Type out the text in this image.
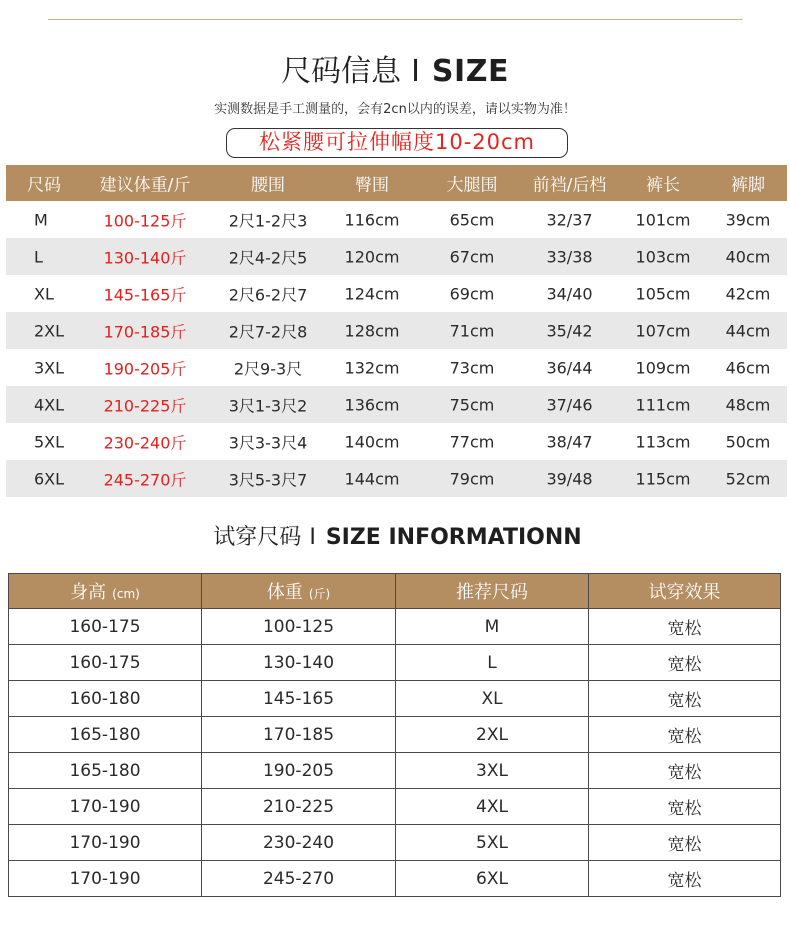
尺码信息 I SIZE
实测数据是手工测量的，会有2cn以内的误差，请以实物为准！
松紧腰可拉伸幅度10-20cm
尺码	建议体重/斤	腰围	臀围	大腿围	前裆/后档	裤长	裤脚
M	100-125斤	2尺1-2尺3	116cm	65cm	32/37	101cm	39cm
L	130-140斤	2尺4-2尺5	120cm	67cm	33/38	103cm	40cm
XL	145-165斤	2尺6-2尺7	124cm	69cm	34/40	105cm	42cm
2XL	170-185斤	2尺7-2尺8	128cm	71cm	35/42	107cm	44cm
3XL	190-205斤	2尺9-3尺	132cm	73cm	36/44	109cm	46cm
4XL	210-225斤	3尺1-3尺2	136cm	75cm	37/46	111cm	48cm
5XL	230-240斤	3尺3-3尺4	140cm	77cm	38/47	113cm	50cm
6XL	245-270斤	3尺5-3尺7	144cm	79cm	39/48	115cm	52cm
试穿尺码 I SIZE INFORMATIONN
身高 (cm)	体重 (斤)	推荐尺码	试穿效果
160-175	100-125	M	宽松
160-175	130-140	L	宽松
160-180	145-165	XL	宽松
165-180	170-185	2XL	宽松
165-180	190-205	3XL	宽松
170-190	210-225	4XL	宽松
170-190	230-240	5XL	宽松
170-190	245-270	6XL	宽松
